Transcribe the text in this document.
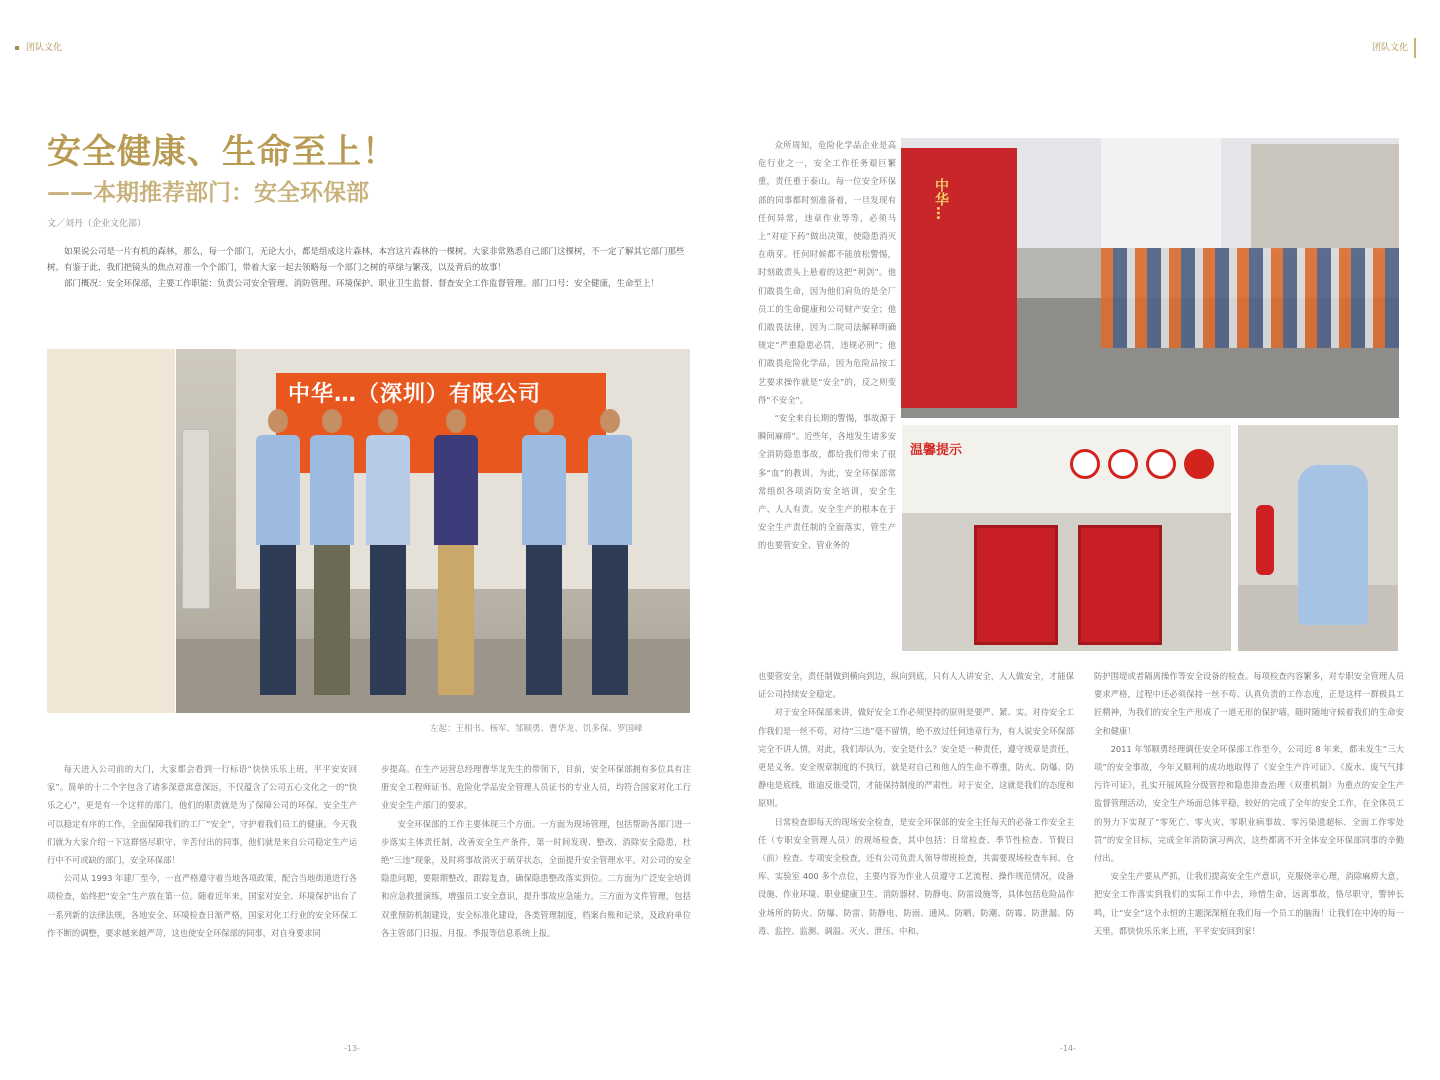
团队文化	团队文化
安全健康、生命至上！
——本期推荐部门：安全环保部
文／刘丹（企业文化部）

如果说公司是一片有机的森林，那么，每一个部门，无论大小，都是组成这片森林，本宫这片森林的一棵树。大家非常熟悉自己部门这棵树，不一定了解其它部门那些树。有鉴于此，我们把镜头的焦点对准一个个部门，带着大家一起去领略每一个部门之树的草绿与繁茂，以及背后的故事！

部门概况：安全环保部，主要工作职能：负责公司安全管理、消防管理、环境保护、职业卫生监督、督查安全工作监督管理。部门口号：安全健康，生命至上！

中华…（深圳）有限公司
左起：王相书、杨军、邹顺勇、曹华龙、饥多保、罗国峰

每天进入公司前的大门，大家都会看到一行标语“快快乐乐上班，平平安安回家”。简单的十二个字包含了诸多深意寓意深远，不仅蕴含了公司五心文化之一的“快乐之心”，更是有一个这样的部门，他们的职责就是为了保障公司的环保、安全生产可以稳定有序的工作，全面保障我们的工厂“安全”，守护着我们员工的健康。今天我们就为大家介绍一下这群恪尽职守、辛苦付出的同事，他们就是来自公司稳定生产运行中不可或缺的部门，安全环保部！

公司从 1993 年建厂至今，一直严格遵守着当地各项政策，配合当地街道进行各项检查，始终把“安全”生产放在第一位。随着近年来，国家对安全、环境保护出台了一系列新的法律法规，各地安全、环境检查日渐严格，国家对化工行业的安全环保工作不断的调整，要求越来越严苛，这也使安全环保部的同事，对自身要求同

步提高。在生产运营总经理曹华龙先生的带领下，目前，安全环保部拥有多位具有注册安全工程师证书、危险化学品安全管理人员证书的专业人员，均符合国家对化工行业安全生产部门的要求。

安全环保部的工作主要体现三个方面。一方面为现场管理，包括帮助各部门进一步落实主体责任制，改善安全生产条件，第一时间发现、整改、消除安全隐患，杜绝“三违”现象，及时将事故消灭于萌芽状态，全面提升安全管理水平。对公司的安全隐患问题，要限期整改，跟踪复查，确保隐患整改落实到位。二方面为广泛安全培训和应急救援演练，增强员工安全意识，提升事故应急能力。三方面为文件管理，包括双重预防机制建设，安全标准化建设，各类管理制度，档案台账和记录，及政府单位各主管部门日报、月报、季报等信息系统上报。

众所周知，危险化学品企业是高危行业之一，安全工作任务艰巨繁重，责任重于泰山。每一位安全环保部的同事都时刻准备着，一旦发现有任何异常，违章作业等等，必须马上“对症下药”做出决策，使隐患消灭在萌芽。任何时候都不能放松警惕，时刻敢责头上悬着的这把“利剑”。他们敢畏生命，因为他们肩负的是全厂员工的生命健康和公司财产安全；他们敢畏法律，因为二院司法解释明确规定“严重隐患必罚，违规必刑”；他们敢畏危险化学品，因为危险品按工艺要求操作就是“安全”的，反之则变得“不安全”。

“安全来自长期的警惕，事故源于瞬间麻痹”。近些年，各地发生诸多安全消防隐患事故，都给我们带来了很多“血”的教训。为此，安全环保部常常组织各项消防安全培训，安全生产、人人有责。安全生产的根本在于安全生产责任制的全面落实，管生产的也要管安全、管业务的

中华…
温馨提示

也要管安全，责任制做到横向到边，纵向到底，只有人人讲安全，人人做安全，才能保证公司持续安全稳定。

对于安全环保部来讲，做好安全工作必须坚持的原则是要严、紧、实。对待安全工作我们是一丝不苟，对待“三违”毫不留情，绝不放过任何违章行为，有人说安全环保部完全不讲人情，对此，我们却认为，安全是什么？安全是一种责任，遵守规章是责任，更是义务。安全规章制度的不执行，就是对自己和他人的生命不尊重，防火、防爆、防静电是底线，谁逾反谁受罚，才能保持制度的严肃性。对于安全，这就是我们的态度和原则。

日常检查即每天的现场安全检查，是安全环保部的安全主任每天的必备工作安全主任（专职安全管理人员）的现场检查，其中包括：日常检查、季节性检查、节假日（前）检查、专项安全检查，还有公司负责人领导带班检查，共需要现场检查车间、仓库、实验室 400 多个点位，主要内容为作业人员遵守工艺流程、操作规范情况，设备设施、作业环境、职业健康卫生、消防器材、防静电、防雷设施等，具体包括危险品作业场所的防火、防爆、防雷、防静电、防雨、通风、防晒、防潮、防霉、防泄漏、防毒、监控、监测、调温、灭火、泄压、中和、

防护围堤或者隔离操作等安全设备的检查。每项检查内容繁多，对专职安全管理人员要求严格，过程中还必须保持一丝不苟、认真负责的工作态度，正是这样一群极具工匠精神，为我们的安全生产形成了一道无形的保护墙，随时随地守候着我们的生命安全和健康！

2011 年邹顺勇经理调任安全环保部工作至今，公司近 8 年来，都未发生“三大项”的安全事故，今年又顺利的成功地取得了《安全生产许可证》、《废水、废气气排污许可证》，扎实开展风险分级管控和隐患排查治理（双重机制）为重点的安全生产监督管理活动，安全生产场面总体平稳，较好的完成了全年的安全工作，在全体员工的努力下实现了“零死亡、零火灾、零职业病事故、零污染遗超标、全面工作零处罚”的安全目标，完成全年消防演习两次，这些都离不开全体安全环保部同事的辛勤付出。

安全生产要从严抓，让我们提高安全生产意识，克服侥幸心理，消除麻痹大意，把安全工作落实到我们的实际工作中去，珍惜生命，远离事故，恪尽职守，警钟长鸣，让“安全”这个永恒的主题深深植在我们每一个员工的脑海！让我们在中涛的每一天里，都快快乐乐来上班，平平安安回到家！

-13-	-14-
